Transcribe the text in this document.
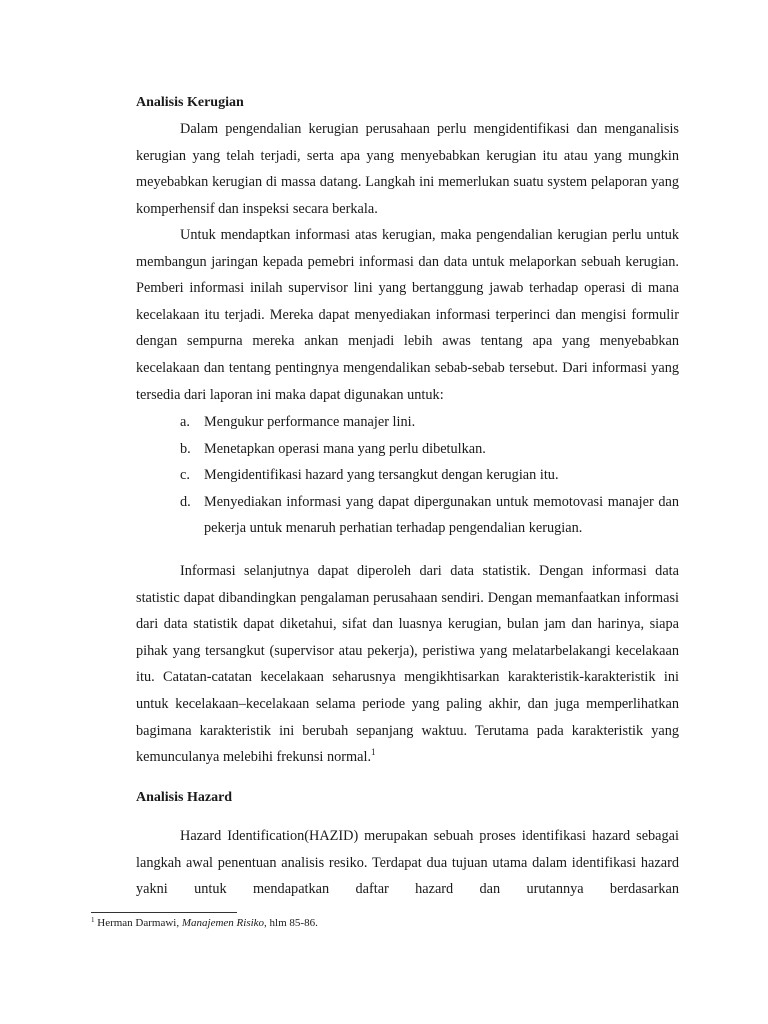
Analisis Kerugian

Dalam pengendalian kerugian perusahaan perlu mengidentifikasi dan menganalisis kerugian yang telah terjadi, serta apa yang menyebabkan kerugian itu atau yang mungkin meyebabkan kerugian di massa datang. Langkah ini memerlukan suatu system pelaporan yang komperhensif dan inspeksi secara berkala.

Untuk mendaptkan informasi atas kerugian, maka pengendalian kerugian perlu untuk membangun jaringan kepada pemebri informasi dan data untuk melaporkan sebuah kerugian. Pemberi informasi inilah supervisor lini yang bertanggung jawab terhadap operasi di mana kecelakaan itu terjadi. Mereka dapat menyediakan informasi terperinci dan mengisi formulir dengan sempurna mereka ankan menjadi lebih awas tentang apa yang menyebabkan kecelakaan dan tentang pentingnya mengendalikan sebab-sebab tersebut. Dari informasi yang tersedia dari laporan ini maka dapat digunakan untuk:

a. Mengukur performance manajer lini.
b. Menetapkan operasi mana yang perlu dibetulkan.
c. Mengidentifikasi hazard yang tersangkut dengan kerugian itu.
d. Menyediakan informasi yang dapat dipergunakan untuk memotovasi manajer dan pekerja untuk menaruh perhatian terhadap pengendalian kerugian.

Informasi selanjutnya dapat diperoleh dari data statistik. Dengan informasi data statistic dapat dibandingkan pengalaman perusahaan sendiri. Dengan memanfaatkan informasi dari data statistik dapat diketahui, sifat dan luasnya kerugian, bulan jam dan harinya, siapa pihak yang tersangkut (supervisor atau pekerja), peristiwa yang melatarbelakangi kecelakaan itu. Catatan-catatan kecelakaan seharusnya mengikhtisarkan karakteristik-karakteristik ini untuk kecelakaan–kecelakaan selama periode yang paling akhir, dan juga memperlihatkan bagimana karakteristik ini berubah sepanjang waktuu. Terutama pada karakteristik yang kemunculanya melebihi frekunsi normal.$^1$

Analisis Hazard

Hazard Identification(HAZID) merupakan sebuah proses identifikasi hazard sebagai langkah awal penentuan analisis resiko. Terdapat dua tujuan utama dalam identifikasi hazard yakni untuk mendapatkan daftar hazard dan urutannya berdasarkan

$^1$ Herman Darmawi, Manajemen Risiko, hlm 85-86.
